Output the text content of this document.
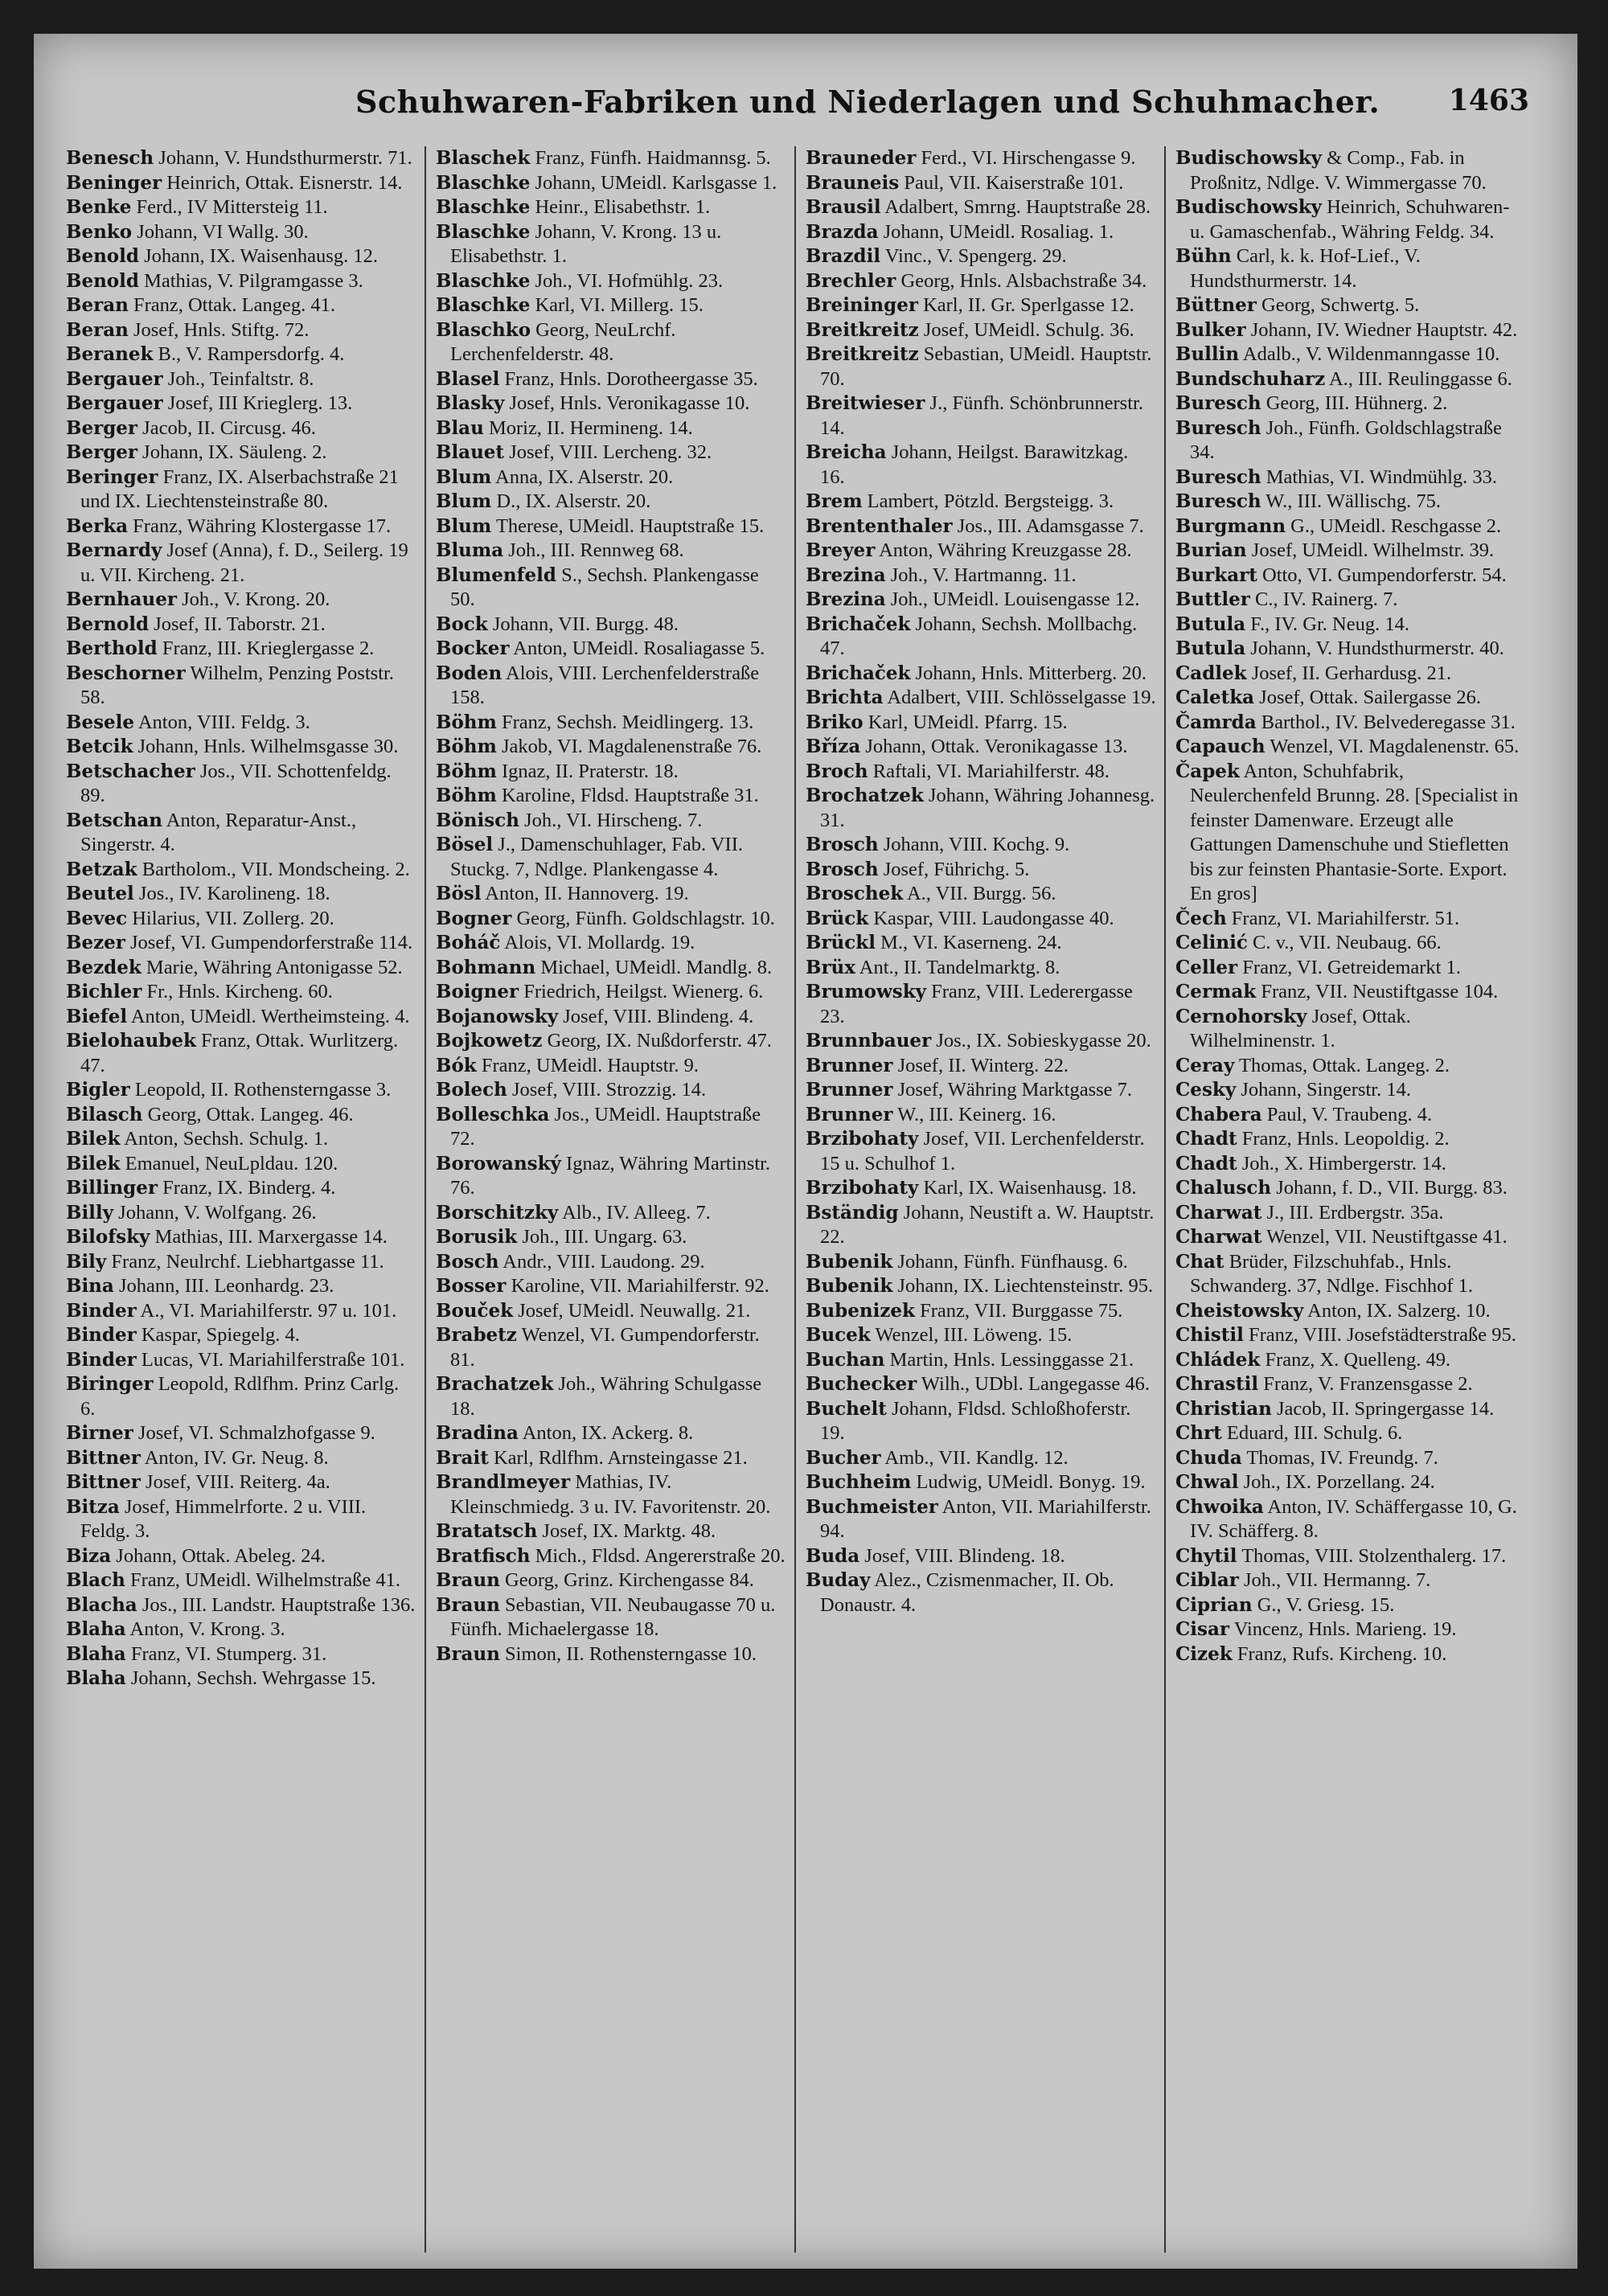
Schuhwaren-Fabriken und Niederlagen und Schuhmacher. 1463

Benesch Johann, V. Hundsthurmerstr. 71.

Beninger Heinrich, Ottak. Eisnerstr. 14.

Benke Ferd., IV Mittersteig 11.

Benko Johann, VI Wallg. 30.

Benold Johann, IX. Waisenhausg. 12.

Benold Mathias, V. Pilgramgasse 3.

Beran Franz, Ottak. Langeg. 41.

Beran Josef, Hnls. Stiftg. 72.

Beranek B., V. Rampersdorfg. 4.

Bergauer Joh., Teinfaltstr. 8.

Bergauer Josef, III Krieglerg. 13.

Berger Jacob, II. Circusg. 46.

Berger Johann, IX. Säuleng. 2.

Beringer Franz, IX. Alserbachstraße 21 und IX. Liechtensteinstraße 80.

Berka Franz, Währing Klostergasse 17.

Bernardy Josef (Anna), f. D., Seilerg. 19 u. VII. Kircheng. 21.

Bernhauer Joh., V. Krong. 20.

Bernold Josef, II. Taborstr. 21.

Berthold Franz, III. Krieglergasse 2.

Beschorner Wilhelm, Penzing Poststr. 58.

Besele Anton, VIII. Feldg. 3.

Betcik Johann, Hnls. Wilhelmsgasse 30.

Betschacher Jos., VII. Schottenfeldg. 89.

Betschan Anton, Reparatur-Anst., Singerstr. 4.

Betzak Bartholom., VII. Mondscheing. 2.

Beutel Jos., IV. Karolineng. 18.

Bevec Hilarius, VII. Zollerg. 20.

Bezer Josef, VI. Gumpendorferstraße 114.

Bezdek Marie, Währing Antonigasse 52.

Bichler Fr., Hnls. Kircheng. 60.

Biefel Anton, UMeidl. Wertheimsteing. 4.

Bielohaubek Franz, Ottak. Wurlitzerg. 47.

Bigler Leopold, II. Rothensterngasse 3.

Bilasch Georg, Ottak. Langeg. 46.

Bilek Anton, Sechsh. Schulg. 1.

Bilek Emanuel, NeuLpldau. 120.

Billinger Franz, IX. Binderg. 4.

Billy Johann, V. Wolfgang. 26.

Bilofsky Mathias, III. Marxergasse 14.

Bily Franz, Neulrchf. Liebhartgasse 11.

Bina Johann, III. Leonhardg. 23.

Binder A., VI. Mariahilferstr. 97 u. 101.

Binder Kaspar, Spiegelg. 4.

Binder Lucas, VI. Mariahilferstraße 101.

Biringer Leopold, Rdlfhm. Prinz Carlg. 6.

Birner Josef, VI. Schmalzhofgasse 9.

Bittner Anton, IV. Gr. Neug. 8.

Bittner Josef, VIII. Reiterg. 4a.

Bitza Josef, Himmelrforte. 2 u. VIII. Feldg. 3.

Biza Johann, Ottak. Abeleg. 24.

Blach Franz, UMeidl. Wilhelmstraße 41.

Blacha Jos., III. Landstr. Hauptstraße 136.

Blaha Anton, V. Krong. 3.

Blaha Franz, VI. Stumperg. 31.

Blaha Johann, Sechsh. Wehrgasse 15.

Blaschek Franz, Fünfh. Haidmannsg. 5.

Blaschke Johann, UMeidl. Karlsgasse 1.

Blaschke Heinr., Elisabethstr. 1.

Blaschke Johann, V. Krong. 13 u. Elisabethstr. 1.

Blaschke Joh., VI. Hofmühlg. 23.

Blaschke Karl, VI. Millerg. 15.

Blaschko Georg, NeuLrchf. Lerchenfelderstr. 48.

Blasel Franz, Hnls. Dorotheergasse 35.

Blasky Josef, Hnls. Veronikagasse 10.

Blau Moriz, II. Hermineng. 14.

Blauet Josef, VIII. Lercheng. 32.

Blum Anna, IX. Alserstr. 20.

Blum D., IX. Alserstr. 20.

Blum Therese, UMeidl. Hauptstraße 15.

Bluma Joh., III. Rennweg 68.

Blumenfeld S., Sechsh. Plankengasse 50.

Bock Johann, VII. Burgg. 48.

Bocker Anton, UMeidl. Rosaliagasse 5.

Boden Alois, VIII. Lerchenfelderstraße 158.

Böhm Franz, Sechsh. Meidlingerg. 13.

Böhm Jakob, VI. Magdalenenstraße 76.

Böhm Ignaz, II. Praterstr. 18.

Böhm Karoline, Fldsd. Hauptstraße 31.

Bönisch Joh., VI. Hirscheng. 7.

Bösel J., Damenschuhlager, Fab. VII. Stuckg. 7, Ndlge. Plankengasse 4.

Bösl Anton, II. Hannoverg. 19.

Bogner Georg, Fünfh. Goldschlagstr. 10.

Boháč Alois, VI. Mollardg. 19.

Bohmann Michael, UMeidl. Mandlg. 8.

Boigner Friedrich, Heilgst. Wienerg. 6.

Bojanowsky Josef, VIII. Blindeng. 4.

Bojkowetz Georg, IX. Nußdorferstr. 47.

Bók Franz, UMeidl. Hauptstr. 9.

Bolech Josef, VIII. Strozzig. 14.

Bolleschka Jos., UMeidl. Hauptstraße 72.

Borowanský Ignaz, Währing Martinstr. 76.

Borschitzky Alb., IV. Alleeg. 7.

Borusik Joh., III. Ungarg. 63.

Bosch Andr., VIII. Laudong. 29.

Bosser Karoline, VII. Mariahilferstr. 92.

Bouček Josef, UMeidl. Neuwallg. 21.

Brabetz Wenzel, VI. Gumpendorferstr. 81.

Brachatzek Joh., Währing Schulgasse 18.

Bradina Anton, IX. Ackerg. 8.

Brait Karl, Rdlfhm. Arnsteingasse 21.

Brandlmeyer Mathias, IV. Kleinschmiedg. 3 u. IV. Favoritenstr. 20.

Bratatsch Josef, IX. Marktg. 48.

Bratfisch Mich., Fldsd. Angererstraße 20.

Braun Georg, Grinz. Kirchengasse 84.

Braun Sebastian, VII. Neubaugasse 70 u. Fünfh. Michaelergasse 18.

Braun Simon, II. Rothensterngasse 10.

Brauneder Ferd., VI. Hirschengasse 9.

Brauneis Paul, VII. Kaiserstraße 101.

Brausil Adalbert, Smrng. Hauptstraße 28.

Brazda Johann, UMeidl. Rosaliag. 1.

Brazdil Vinc., V. Spengerg. 29.

Brechler Georg, Hnls. Alsbachstraße 34.

Breininger Karl, II. Gr. Sperlgasse 12.

Breitkreitz Josef, UMeidl. Schulg. 36.

Breitkreitz Sebastian, UMeidl. Hauptstr. 70.

Breitwieser J., Fünfh. Schönbrunnerstr. 14.

Breicha Johann, Heilgst. Barawitzkag. 16.

Brem Lambert, Pötzld. Bergsteigg. 3.

Brententhaler Jos., III. Adamsgasse 7.

Breyer Anton, Währing Kreuzgasse 28.

Brezina Joh., V. Hartmanng. 11.

Brezina Joh., UMeidl. Louisengasse 12.

Brichaček Johann, Sechsh. Mollbachg. 47.

Brichaček Johann, Hnls. Mitterberg. 20.

Brichta Adalbert, VIII. Schlösselgasse 19.

Briko Karl, UMeidl. Pfarrg. 15.

Bříza Johann, Ottak. Veronikagasse 13.

Broch Raftali, VI. Mariahilferstr. 48.

Brochatzek Johann, Währing Johannesg. 31.

Brosch Johann, VIII. Kochg. 9.

Brosch Josef, Führichg. 5.

Broschek A., VII. Burgg. 56.

Brück Kaspar, VIII. Laudongasse 40.

Brückl M., VI. Kaserneng. 24.

Brüx Ant., II. Tandelmarktg. 8.

Brumowsky Franz, VIII. Lederergasse 23.

Brunnbauer Jos., IX. Sobieskygasse 20.

Brunner Josef, II. Winterg. 22.

Brunner Josef, Währing Marktgasse 7.

Brunner W., III. Keinerg. 16.

Brzibohaty Josef, VII. Lerchenfelderstr. 15 u. Schulhof 1.

Brzibohaty Karl, IX. Waisenhausg. 18.

Bständig Johann, Neustift a. W. Hauptstr. 22.

Bubenik Johann, Fünfh. Fünfhausg. 6.

Bubenik Johann, IX. Liechtensteinstr. 95.

Bubenizek Franz, VII. Burggasse 75.

Bucek Wenzel, III. Löweng. 15.

Buchan Martin, Hnls. Lessinggasse 21.

Buchecker Wilh., UDbl. Langegasse 46.

Buchelt Johann, Fldsd. Schloßhoferstr. 19.

Bucher Amb., VII. Kandlg. 12.

Buchheim Ludwig, UMeidl. Bonyg. 19.

Buchmeister Anton, VII. Mariahilferstr. 94.

Buda Josef, VIII. Blindeng. 18.

Buday Alez., Czismenmacher, II. Ob. Donaustr. 4.

Budischowsky & Comp., Fab. in Proßnitz, Ndlge. V. Wimmergasse 70.

Budischowsky Heinrich, Schuhwaren- u. Gamaschenfab., Währing Feldg. 34.

Bühn Carl, k. k. Hof-Lief., V. Hundsthurmerstr. 14.

Büttner Georg, Schwertg. 5.

Bulker Johann, IV. Wiedner Hauptstr. 42.

Bullin Adalb., V. Wildenmanngasse 10.

Bundschuharz A., III. Reulinggasse 6.

Buresch Georg, III. Hühnerg. 2.

Buresch Joh., Fünfh. Goldschlagstraße 34.

Buresch Mathias, VI. Windmühlg. 33.

Buresch W., III. Wällischg. 75.

Burgmann G., UMeidl. Reschgasse 2.

Burian Josef, UMeidl. Wilhelmstr. 39.

Burkart Otto, VI. Gumpendorferstr. 54.

Buttler C., IV. Rainerg. 7.

Butula F., IV. Gr. Neug. 14.

Butula Johann, V. Hundsthurmerstr. 40.

Cadlek Josef, II. Gerhardusg. 21.

Caletka Josef, Ottak. Sailergasse 26.

Čamrda Barthol., IV. Belvederegasse 31.

Capauch Wenzel, VI. Magdalenenstr. 65.

Čapek Anton, Schuhfabrik, Neulerchenfeld Brunng. 28. [Specialist in feinster Damenware. Erzeugt alle Gattungen Damenschuhe und Stiefletten bis zur feinsten Phantasie-Sorte. Export. En gros]

Čech Franz, VI. Mariahilferstr. 51.

Celinić C. v., VII. Neubaug. 66.

Celler Franz, VI. Getreidemarkt 1.

Cermak Franz, VII. Neustiftgasse 104.

Cernohorsky Josef, Ottak. Wilhelminenstr. 1.

Ceray Thomas, Ottak. Langeg. 2.

Cesky Johann, Singerstr. 14.

Chabera Paul, V. Traubeng. 4.

Chadt Franz, Hnls. Leopoldig. 2.

Chadt Joh., X. Himbergerstr. 14.

Chalusch Johann, f. D., VII. Burgg. 83.

Charwat J., III. Erdbergstr. 35a.

Charwat Wenzel, VII. Neustiftgasse 41.

Chat Brüder, Filzschuhfab., Hnls. Schwanderg. 37, Ndlge. Fischhof 1.

Cheistowsky Anton, IX. Salzerg. 10.

Chistil Franz, VIII. Josefstädterstraße 95.

Chládek Franz, X. Quelleng. 49.

Chrastil Franz, V. Franzensgasse 2.

Christian Jacob, II. Springergasse 14.

Chrt Eduard, III. Schulg. 6.

Chuda Thomas, IV. Freundg. 7.

Chwal Joh., IX. Porzellang. 24.

Chwoika Anton, IV. Schäffergasse 10, G. IV. Schäfferg. 8.

Chytil Thomas, VIII. Stolzenthalerg. 17.

Ciblar Joh., VII. Hermanng. 7.

Ciprian G., V. Griesg. 15.

Cisar Vincenz, Hnls. Marieng. 19.

Cizek Franz, Rufs. Kircheng. 10.
